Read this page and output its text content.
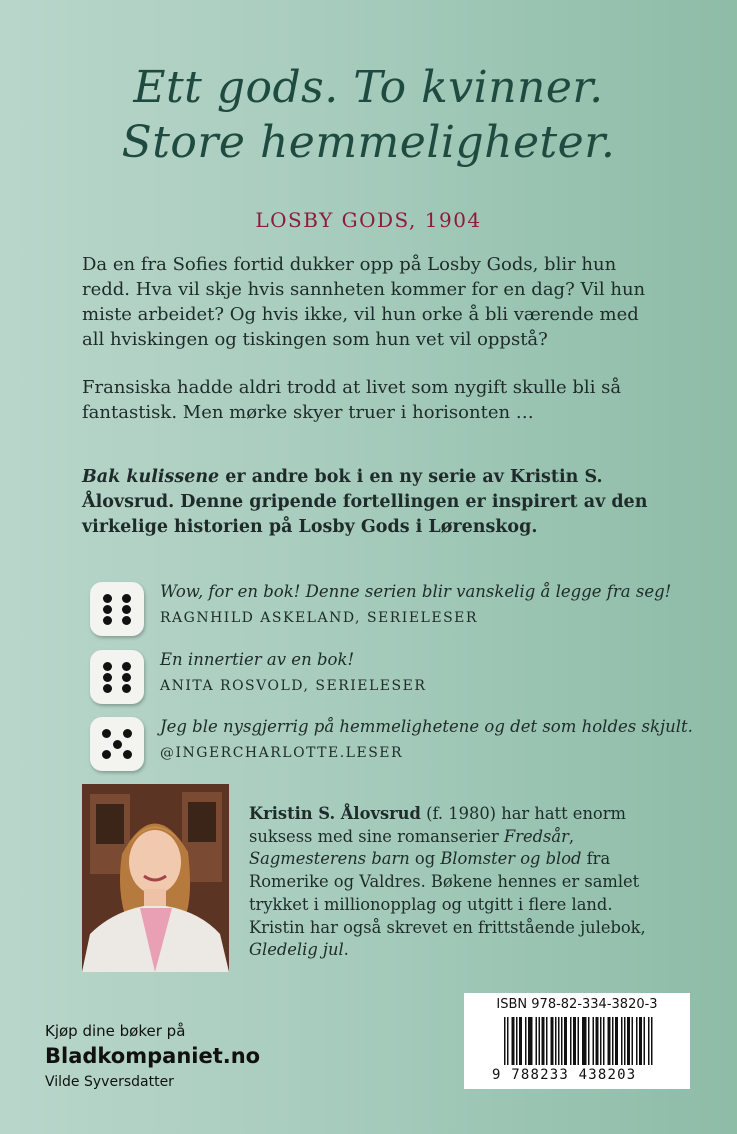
Ett gods. To kvinner.
Store hemmeligheter.
LOSBY GODS, 1904
Da en fra Sofies fortid dukker opp på Losby Gods, blir hun redd. Hva vil skje hvis sannheten kommer for en dag? Vil hun miste arbeidet? Og hvis ikke, vil hun orke å bli værende med all hviskingen og tiskingen som hun vet vil oppstå?
Fransiska hadde aldri trodd at livet som nygift skulle bli så fantastisk. Men mørke skyer truer i horisonten …
Bak kulissene er andre bok i en ny serie av Kristin S. Ålovsrud. Denne gripende fortellingen er inspirert av den virkelige historien på Losby Gods i Lørenskog.
Wow, for en bok! Denne serien blir vanskelig å legge fra seg!
RAGNHILD ASKELAND, SERIELESER
En innertier av en bok!
ANITA ROSVOLD, SERIELESER
Jeg ble nysgjerrig på hemmelighetene og det som holdes skjult.
@INGERCHARLOTTE.LESER
Kristin S. Ålovsrud (f. 1980) har hatt enorm suksess med sine romanserier Fredsår, Sagmesterens barn og Blomster og blod fra Romerike og Valdres. Bøkene hennes er samlet trykket i millionopplag og utgitt i flere land. Kristin har også skrevet en frittstående julebok, Gledelig jul.
Kjøp dine bøker på
Bladkompaniet.no
Vilde Syversdatter
ISBN 978-82-334-3820-3
9 788233 438203
